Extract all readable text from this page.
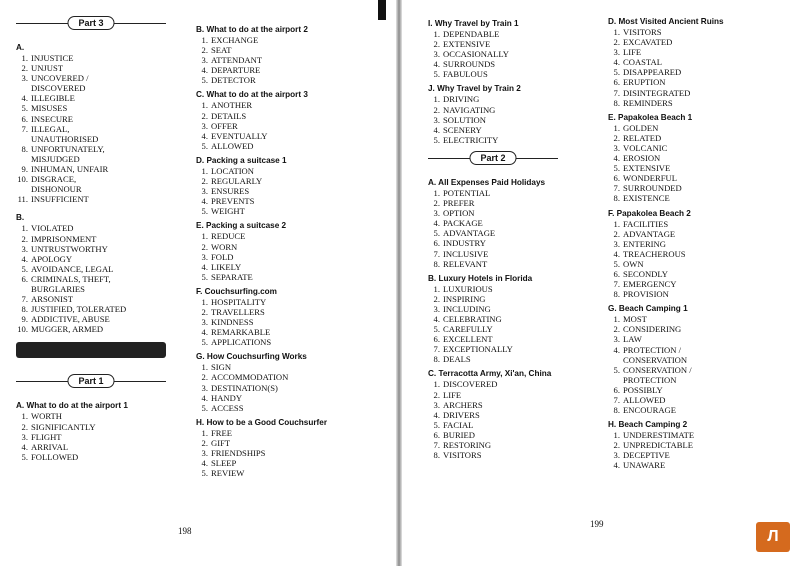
Part 3
A.
1. INJUSTICE
2. UNJUST
3. UNCOVERED /
DISCOVERED
4. ILLEGIBLE
5. MISUSES
6. INSECURE
7. ILLEGAL,
UNAUTHORISED
8. UNFORTUNATELY,
MISJUDGED
9. INHUMAN, UNFAIR
10. DISGRACE,
DISHONOUR
11. INSUFFICIENT
B.
1. VIOLATED
2. IMPRISONMENT
3. UNTRUSTWORTHY
4. APOLOGY
5. AVOIDANCE, LEGAL
6. CRIMINALS, THEFT,
BURGLARIES
7. ARSONIST
8. JUSTIFIED, TOLERATED
9. ADDICTIVE, ABUSE
10. MUGGER, ARMED
Part 1
A. What to do at the airport 1
1. WORTH
2. SIGNIFICANTLY
3. FLIGHT
4. ARRIVAL
5. FOLLOWED
B. What to do at the airport 2
1. EXCHANGE
2. SEAT
3. ATTENDANT
4. DEPARTURE
5. DETECTOR
C. What to do at the airport 3
1. ANOTHER
2. DETAILS
3. OFFER
4. EVENTUALLY
5. ALLOWED
D. Packing a suitcase 1
1. LOCATION
2. REGULARLY
3. ENSURES
4. PREVENTS
5. WEIGHT
E. Packing a suitcase 2
1. REDUCE
2. WORN
3. FOLD
4. LIKELY
5. SEPARATE
F. Couchsurfing.com
1. HOSPITALITY
2. TRAVELLERS
3. KINDNESS
4. REMARKABLE
5. APPLICATIONS
G. How Couchsurfing Works
1. SIGN
2. ACCOMMODATION
3. DESTINATION(S)
4. HANDY
5. ACCESS
H. How to be a Good Couchsurfer
1. FREE
2. GIFT
3. FRIENDSHIPS
4. SLEEP
5. REVIEW
198
I. Why Travel by Train 1
1. DEPENDABLE
2. EXTENSIVE
3. OCCASIONALLY
4. SURROUNDS
5. FABULOUS
J. Why Travel by Train 2
1. DRIVING
2. NAVIGATING
3. SOLUTION
4. SCENERY
5. ELECTRICITY
Part 2
A. All Expenses Paid Holidays
1. POTENTIAL
2. PREFER
3. OPTION
4. PACKAGE
5. ADVANTAGE
6. INDUSTRY
7. INCLUSIVE
8. RELEVANT
B. Luxury Hotels in Florida
1. LUXURIOUS
2. INSPIRING
3. INCLUDING
4. CELEBRATING
5. CAREFULLY
6. EXCELLENT
7. EXCEPTIONALLY
8. DEALS
C. Terracotta Army, Xi'an, China
1. DISCOVERED
2. LIFE
3. ARCHERS
4. DRIVERS
5. FACIAL
6. BURIED
7. RESTORING
8. VISITORS
D. Most Visited Ancient Ruins
1. VISITORS
2. EXCAVATED
3. LIFE
4. COASTAL
5. DISAPPEARED
6. ERUPTION
7. DISINTEGRATED
8. REMINDERS
E. Papakolea Beach 1
1. GOLDEN
2. RELATED
3. VOLCANIC
4. EROSION
5. EXTENSIVE
6. WONDERFUL
7. SURROUNDED
8. EXISTENCE
F. Papakolea Beach 2
1. FACILITIES
2. ADVANTAGE
3. ENTERING
4. TREACHEROUS
5. OWN
6. SECONDLY
7. EMERGENCY
8. PROVISION
G. Beach Camping 1
1. MOST
2. CONSIDERING
3. LAW
4. PROTECTION /
CONSERVATION
5. CONSERVATION /
PROTECTION
6. POSSIBLY
7. ALLOWED
8. ENCOURAGE
H. Beach Camping 2
1. UNDERESTIMATE
2. UNPREDICTABLE
3. DECEPTIVE
4. UNAWARE
199
Л
